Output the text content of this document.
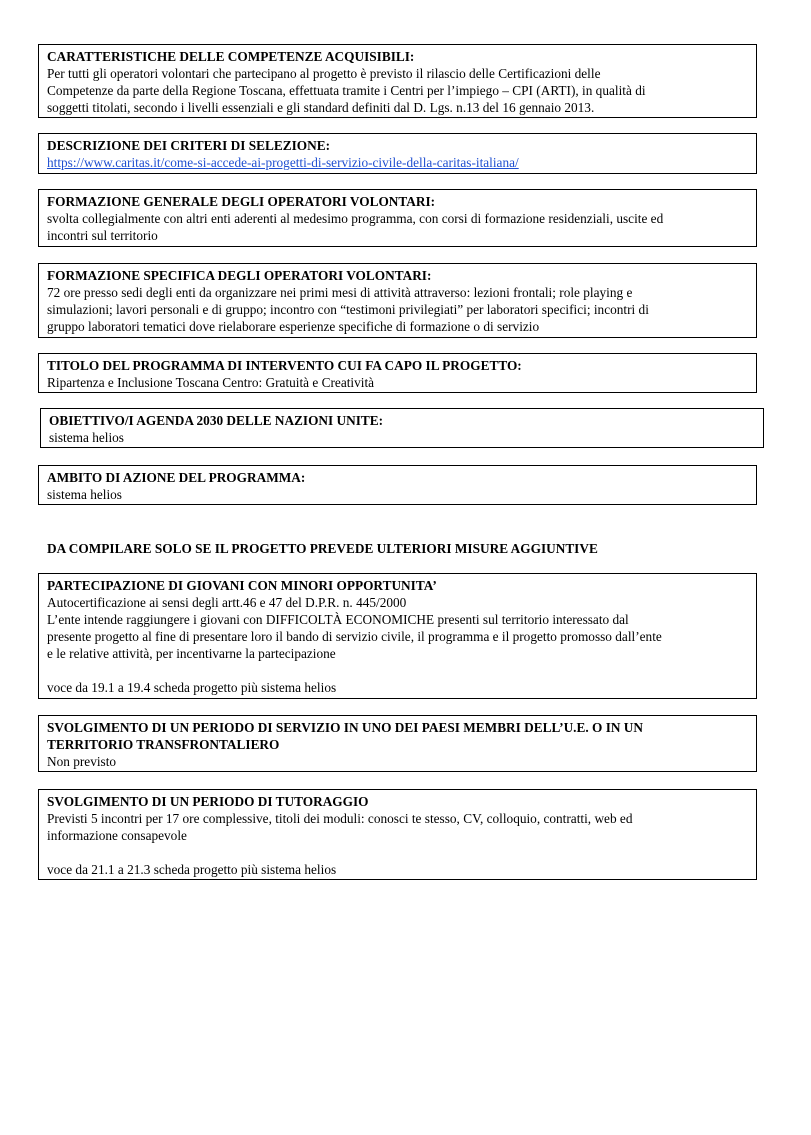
CARATTERISTICHE DELLE COMPETENZE ACQUISIBILI:
Per tutti gli operatori volontari che partecipano al progetto è previsto il rilascio delle Certificazioni delle
Competenze da parte della Regione Toscana, effettuata tramite i Centri per l’impiego – CPI (ARTI), in qualità di
soggetti titolati, secondo i livelli essenziali e gli standard definiti dal D. Lgs. n.13 del 16 gennaio 2013.
DESCRIZIONE DEI CRITERI DI SELEZIONE:
https://www.caritas.it/come-si-accede-ai-progetti-di-servizio-civile-della-caritas-italiana/
FORMAZIONE GENERALE DEGLI OPERATORI VOLONTARI:
svolta collegialmente con altri enti aderenti al medesimo programma, con corsi di formazione residenziali, uscite ed
incontri sul territorio
FORMAZIONE SPECIFICA DEGLI OPERATORI VOLONTARI:
72 ore presso sedi degli enti da organizzare nei primi mesi di attività attraverso: lezioni frontali; role playing e
simulazioni; lavori personali e di gruppo; incontro con “testimoni privilegiati” per laboratori specifici; incontri di
gruppo laboratori tematici dove rielaborare esperienze specifiche di formazione o di servizio
TITOLO DEL PROGRAMMA DI INTERVENTO CUI FA CAPO IL PROGETTO:
Ripartenza e Inclusione Toscana Centro: Gratuità e Creatività
OBIETTIVO/I AGENDA 2030 DELLE NAZIONI UNITE:
sistema helios
AMBITO DI AZIONE DEL PROGRAMMA:
sistema helios
DA COMPILARE SOLO SE IL PROGETTO PREVEDE ULTERIORI MISURE AGGIUNTIVE
PARTECIPAZIONE DI GIOVANI CON MINORI OPPORTUNITA’
Autocertificazione ai sensi degli artt.46 e 47 del D.P.R. n. 445/2000
L’ente intende raggiungere i giovani con DIFFICOLTÀ ECONOMICHE presenti sul territorio interessato dal
presente progetto al fine di presentare loro il bando di servizio civile, il programma e il progetto promosso dall’ente
e le relative attività, per incentivarne la partecipazione
voce da 19.1 a 19.4 scheda progetto più sistema helios
SVOLGIMENTO DI UN PERIODO DI SERVIZIO IN UNO DEI PAESI MEMBRI DELL’U.E. O IN UN
TERRITORIO TRANSFRONTALIERO
Non previsto
SVOLGIMENTO DI UN PERIODO DI TUTORAGGIO
Previsti 5 incontri per 17 ore complessive, titoli dei moduli: conosci te stesso, CV, colloquio, contratti, web ed
informazione consapevole
voce da 21.1 a 21.3 scheda progetto più sistema helios
